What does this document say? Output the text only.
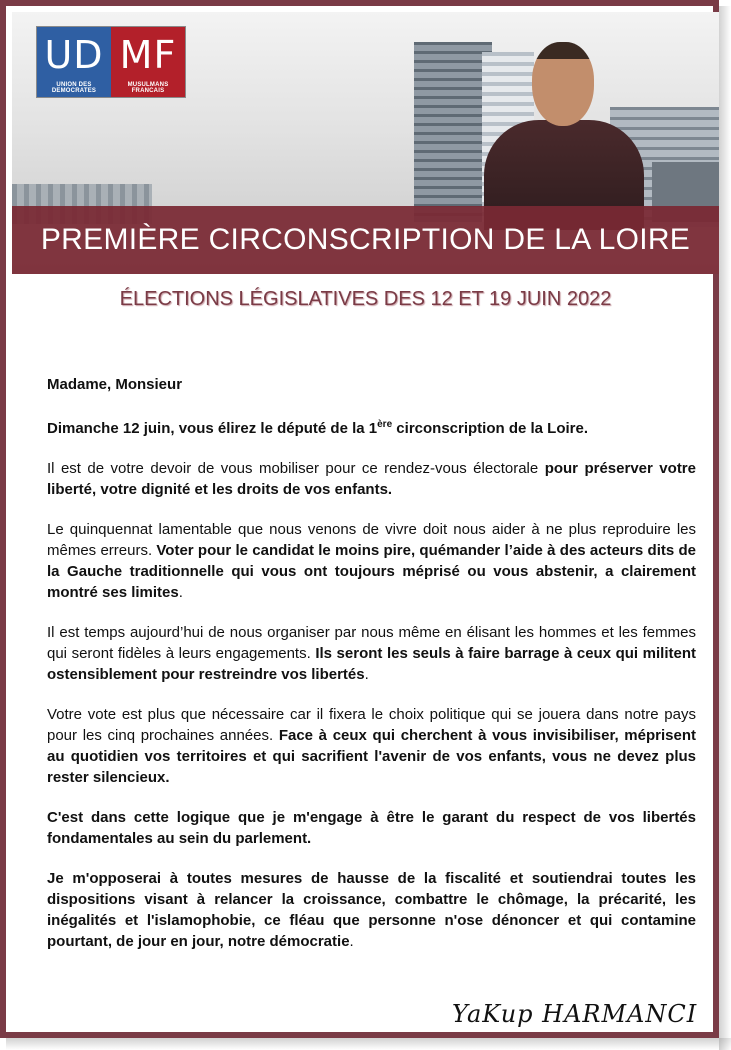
UD
UNION DES DEMOCRATES
MF
MUSULMANS FRANCAIS
PREMIÈRE CIRCONSCRIPTION DE LA LOIRE
ÉLECTIONS LÉGISLATIVES DES 12 ET 19 JUIN 2022

Madame, Monsieur

Dimanche 12 juin, vous élirez le député de la 1ère circonscription de la Loire.

Il est de votre devoir de vous mobiliser pour ce rendez-vous électorale pour préserver votre liberté, votre dignité et les droits de vos enfants.

Le quinquennat lamentable que nous venons de vivre doit nous aider à ne plus reproduire les mêmes erreurs. Voter pour le candidat le moins pire, quémander l’aide à des acteurs dits de la Gauche traditionnelle qui vous ont toujours méprisé ou vous abstenir, a clairement montré ses limites.

Il est temps aujourd’hui de nous organiser par nous même en élisant les hommes et les femmes qui seront fidèles à leurs engagements. Ils seront les seuls à faire barrage à ceux qui militent ostensiblement pour restreindre vos libertés.

Votre vote est plus que nécessaire car il fixera le choix politique qui se jouera dans notre pays pour les cinq prochaines années. Face à ceux qui cherchent à vous invisibiliser, méprisent au quotidien vos territoires et qui sacrifient l'avenir de vos enfants, vous ne devez plus rester silencieux.

C'est dans cette logique que je m'engage à être le garant du respect de vos libertés fondamentales au sein du parlement.

Je m'opposerai à toutes mesures de hausse de la fiscalité et soutiendrai toutes les dispositions visant à relancer la croissance, combattre le chômage, la précarité, les inégalités et l'islamophobie, ce fléau que personne n'ose dénoncer et qui contamine pourtant, de jour en jour, notre démocratie.

YaKup HARMANCI
